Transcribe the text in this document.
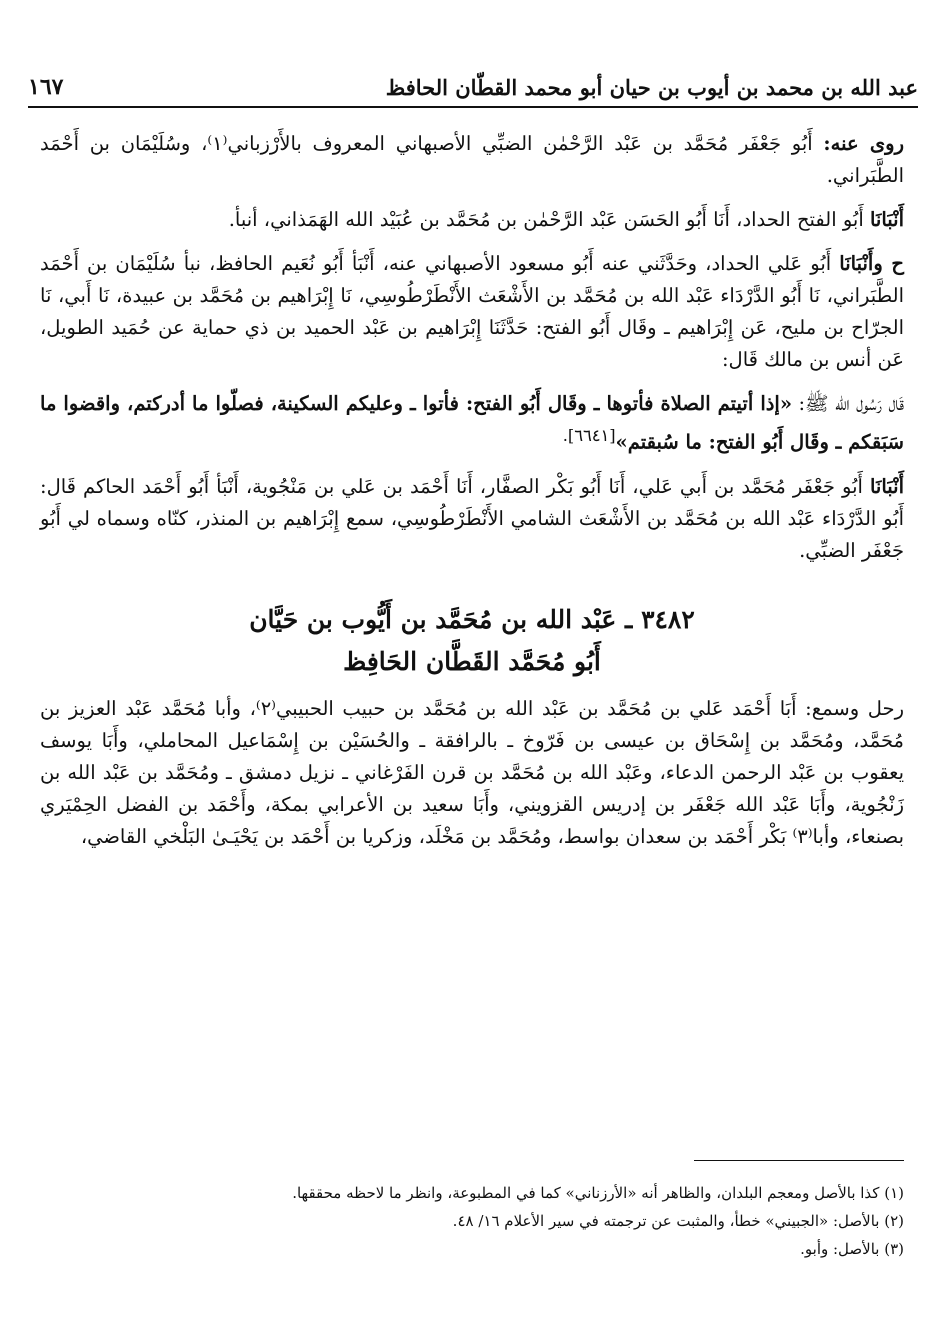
عبد الله بن محمد بن أيوب بن حيان أبو محمد القطّان الحافظ
١٦٧

روى عنه: أَبُو جَعْفَر مُحَمَّد بن عَبْد الرَّحْمٰن الضبِّي الأصبهاني المعروف بالأَرْزباني⁽١⁾، وسُلَيْمَان بن أَحْمَد الطَّبَراني.

أَنْبَانَا أَبُو الفتح الحداد، أَنَا أَبُو الحَسَن عَبْد الرَّحْمٰن بن مُحَمَّد بن عُبَيْد الله الهَمَذاني، أنبأ.

ح وأَنْبَانَا أَبُو عَلي الحداد، وحَدَّثَني عنه أَبُو مسعود الأصبهاني عنه، أَنْبَأ أَبُو نُعَيم الحافظ، نبأ سُلَيْمَان بن أَحْمَد الطَّبَراني، نَا أَبُو الدَّرْدَاء عَبْد الله بن مُحَمَّد بن الأَشْعَث الأَنْطَرْطُوسِي، نَا إِبْرَاهيم بن مُحَمَّد بن عبيدة، نَا أَبي، نَا الجرّاح بن مليح، عَن إِبْرَاهيم ـ وقَال أَبُو الفتح: حَدَّثَنَا إِبْرَاهيم بن عَبْد الحميد بن ذي حماية عن حُمَيد الطويل، عَن أنس بن مالك قَال:

قَال رَسُول الله ﷺ: «إذا أتيتم الصلاة فأتوها ـ وقَال أَبُو الفتح: فأتوا ـ وعليكم السكينة، فصلّوا ما أدركتم، واقضوا ما سَبَقكم ـ وقَال أَبُو الفتح: ما سُبقتم»$^{[٦٦٤١].}$

أَنْبَانَا أَبُو جَعْفَر مُحَمَّد بن أَبي عَلي، أَنَا أَبُو بَكْر الصفَّار، أَنَا أَحْمَد بن عَلي بن مَنْجُوية، أَنْبَأ أَبُو أَحْمَد الحاكم قَال: أَبُو الدَّرْدَاء عَبْد الله بن مُحَمَّد بن الأَشْعَث الشامي الأَنْطَرْطُوسِي، سمع إِبْرَاهيم بن المنذر، كنّاه وسماه لي أَبُو جَعْفَر الضبِّي.

٣٤٨٢ ـ عَبْد الله بن مُحَمَّد بن أَيُّوب بن حَيَّان
أَبُو مُحَمَّد القَطَّان الحَافِظ

رحل وسمع: أَبَا أَحْمَد عَلي بن مُحَمَّد بن عَبْد الله بن مُحَمَّد بن حبيب الحبيبي⁽٢⁾، وأبا مُحَمَّد عَبْد العزيز بن مُحَمَّد، ومُحَمَّد بن إِسْحَاق بن عيسى بن فَرّوخ ـ بالرافقة ـ والحُسَيْن بن إِسْمَاعيل المحاملي، وأَبَا يوسف يعقوب بن عَبْد الرحمن الدعاء، وعَبْد الله بن مُحَمَّد بن قرن الفَرْغاني ـ نزيل دمشق ـ ومُحَمَّد بن عَبْد الله بن زَنْجُوية، وأَبَا عَبْد الله جَعْفَر بن إدريس القزويني، وأَبَا سعيد بن الأعرابي بمكة، وأَحْمَد بن الفضل الحِمْيَري بصنعاء، وأبا⁽٣⁾ بَكْر أَحْمَد بن سعدان بواسط، ومُحَمَّد بن مَخْلَد، وزكريا بن أَحْمَد بن يَحْيَـىٰ البَلْخي القاضي،

(١) كذا بالأصل ومعجم البلدان، والظاهر أنه «الأرزناني» كما في المطبوعة، وانظر ما لاحظه محققها.

(٢) بالأصل: «الجبيني» خطأ، والمثبت عن ترجمته في سير الأعلام ١٦/ ٤٨.

(٣) بالأصل: وأبو.
